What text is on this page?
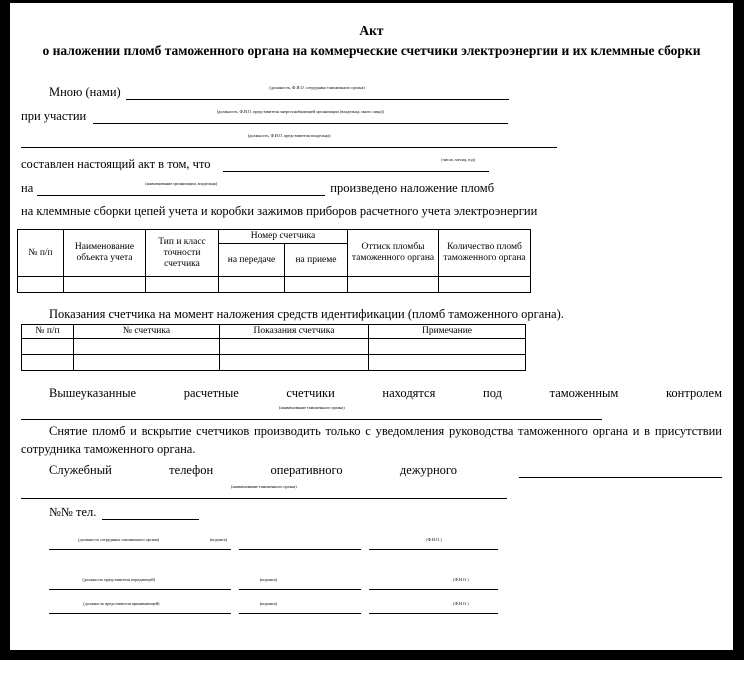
Акт
о наложении пломб таможенного органа на коммерческие счетчики электроэнергии и их клеммные сборки
Мною (нами)	(должность, Ф.И.О. сотрудника таможенного органа)
при участии	(должность, Ф.И.О. представителя энергоснабжающей организации (владельца, иного лица))
(должность, Ф.И.О. представителя владельца)
составлен настоящий акт в том, что	(число, месяц, год)
на	(наименование организации, владельца)	произведено наложение пломб
на клеммные сборки цепей учета и коробки зажимов приборов расчетного учета электроэнергии
№ п/п	Наименование объекта учета	Тип и класс точности счетчика	Номер счетчика		Оттиск пломбы таможенного органа	Количество пломб таможенного органа
			на передаче	на приеме		

Показания счетчика на момент наложения средств идентификации (пломб таможенного органа).
№ п/п	№ счетчика	Показания счетчика	Примечание

Вышеуказанные расчетные счетчики находятся под таможенным контролем
(наименование таможенного органа)

Снятие пломб и вскрытие счетчиков производить только с уведомления руководства таможенного органа и в присутствии сотрудника таможенного органа.

Служебный телефон оперативного дежурного
(наименование таможенного органа)
№№ тел.
(должность сотрудника таможенного органа)	(подпись)	(Ф.И.О.)
(должность представителя передающей)	(подпись)	(Ф.И.О.)
(должность представителя принимающей)	(подпись)	(Ф.И.О.)
